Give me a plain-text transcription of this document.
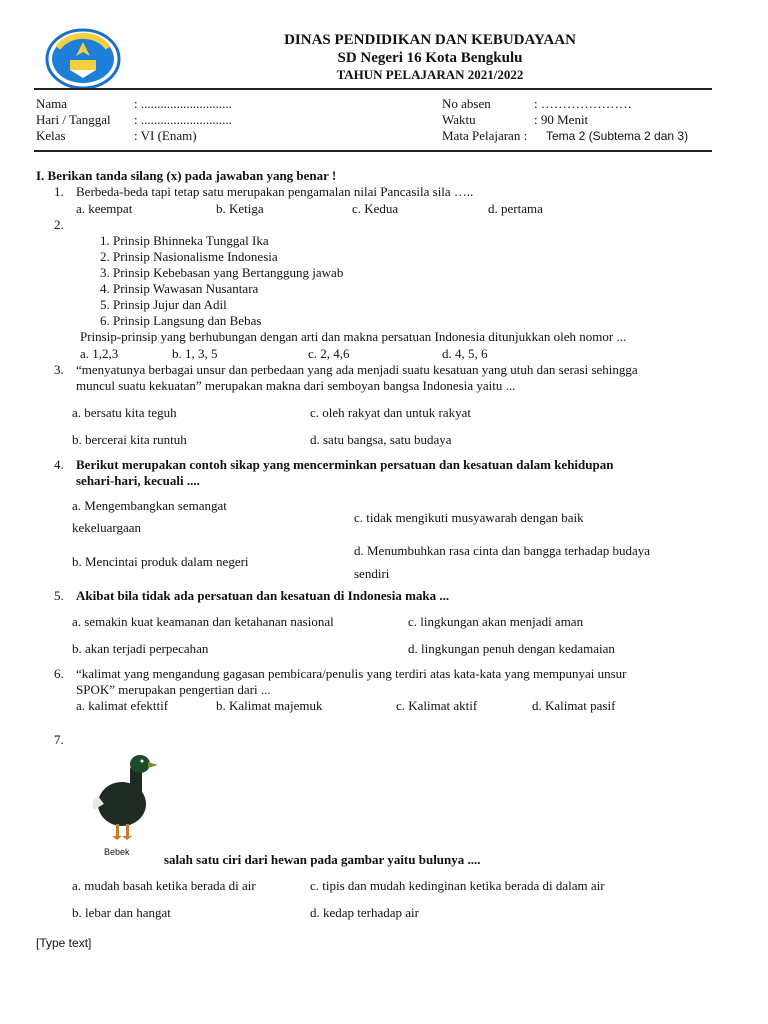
DINAS PENDIDIKAN DAN KEBUDAYAAN
SD Negeri 16 Kota Bengkulu
TAHUN PELAJARAN 2021/2022
Nama	: ............................
Hari / Tanggal : ............................
Kelas	: VI (Enam)
No absen	: …………………
Waktu	: 90 Menit
Mata Pelajaran : Tema 2 (Subtema 2 dan 3)
I. Berikan tanda silang (x) pada jawaban yang benar !
1. Berbeda-beda tapi tetap satu merupakan pengamalan nilai Pancasila sila …..
a. keempat	b. Ketiga	c. Kedua	d. pertama
2.
1. Prinsip Bhinneka Tunggal Ika
2. Prinsip Nasionalisme Indonesia
3. Prinsip Kebebasan yang Bertanggung jawab
4. Prinsip Wawasan Nusantara
5. Prinsip Jujur dan Adil
6. Prinsip Langsung dan Bebas
Prinsip-prinsip yang berhubungan dengan arti dan makna persatuan Indonesia ditunjukkan oleh nomor ...
a. 1,2,3	b. 1, 3, 5	c. 2, 4,6	d. 4, 5, 6
3. “menyatunya berbagai unsur dan perbedaan yang ada menjadi suatu kesatuan yang utuh dan serasi sehingga
muncul suatu kekuatan” merupakan makna dari semboyan bangsa Indonesia yaitu ...
a. bersatu kita teguh	c. oleh rakyat dan untuk rakyat
b. bercerai kita runtuh	d. satu bangsa, satu budaya
4. Berikut merupakan contoh sikap yang mencerminkan persatuan dan kesatuan dalam kehidupan
sehari-hari, kecuali ....
a. Mengembangkan semangat
kekeluargaan
c. tidak mengikuti musyawarah dengan baik
b. Mencintai produk dalam negeri
d. Menumbuhkan rasa cinta dan bangga terhadap budaya
sendiri
5. Akibat bila tidak ada persatuan dan kesatuan di Indonesia maka ...
a. semakin kuat keamanan dan ketahanan nasional	c. lingkungan akan menjadi aman
b. akan terjadi perpecahan	d. lingkungan penuh dengan kedamaian
6. “kalimat yang mengandung gagasan pembicara/penulis yang terdiri atas kata-kata yang mempunyai unsur
SPOK” merupakan pengertian dari ...
a. kalimat efekttif	b. Kalimat majemuk	c. Kalimat aktif	d. Kalimat pasif
7.
Bebek	salah satu ciri dari hewan pada gambar yaitu bulunya ....
a. mudah basah ketika berada di air	c. tipis dan mudah kedinginan ketika berada di dalam air
b. lebar dan hangat	d. kedap terhadap air
[Type text]
